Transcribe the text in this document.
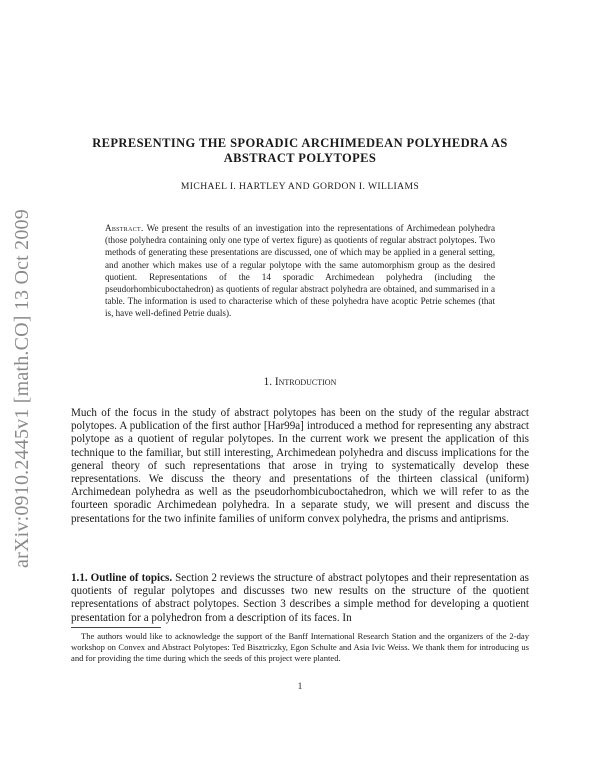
arXiv:0910.2445v1 [math.CO] 13 Oct 2009
REPRESENTING THE SPORADIC ARCHIMEDEAN POLYHEDRA AS
ABSTRACT POLYTOPES
MICHAEL I. HARTLEY AND GORDON I. WILLIAMS
Abstract. We present the results of an investigation into the representations of Archimedean polyhedra (those polyhedra containing only one type of vertex figure) as quotients of regular abstract polytopes. Two methods of generating these presentations are discussed, one of which may be applied in a general setting, and another which makes use of a regular polytope with the same automorphism group as the desired quotient. Representations of the 14 sporadic Archimedean polyhedra (including the pseudorhombicuboctahedron) as quotients of regular abstract polyhedra are obtained, and summarised in a table. The information is used to characterise which of these polyhedra have acoptic Petrie schemes (that is, have well-defined Petrie duals).
1. Introduction
Much of the focus in the study of abstract polytopes has been on the study of the regular abstract polytopes. A publication of the first author [Har99a] introduced a method for representing any abstract polytope as a quotient of regular polytopes. In the current work we present the application of this technique to the familiar, but still interesting, Archimedean polyhedra and discuss implications for the general theory of such representations that arose in trying to systematically develop these representations. We discuss the theory and presentations of the thirteen classical (uniform) Archimedean polyhedra as well as the pseudorhombicuboctahedron, which we will refer to as the fourteen sporadic Archimedean polyhedra. In a separate study, we will present and discuss the presentations for the two infinite families of uniform convex polyhedra, the prisms and antiprisms.
1.1. Outline of topics. Section 2 reviews the structure of abstract polytopes and their representation as quotients of regular polytopes and discusses two new results on the structure of the quotient representations of abstract polytopes. Section 3 describes a simple method for developing a quotient presentation for a polyhedron from a description of its faces. In
The authors would like to acknowledge the support of the Banff International Research Station and the organizers of the 2-day workshop on Convex and Abstract Polytopes: Ted Bisztriczky, Egon Schulte and Asia Ivic Weiss. We thank them for introducing us and for providing the time during which the seeds of this project were planted.
1
